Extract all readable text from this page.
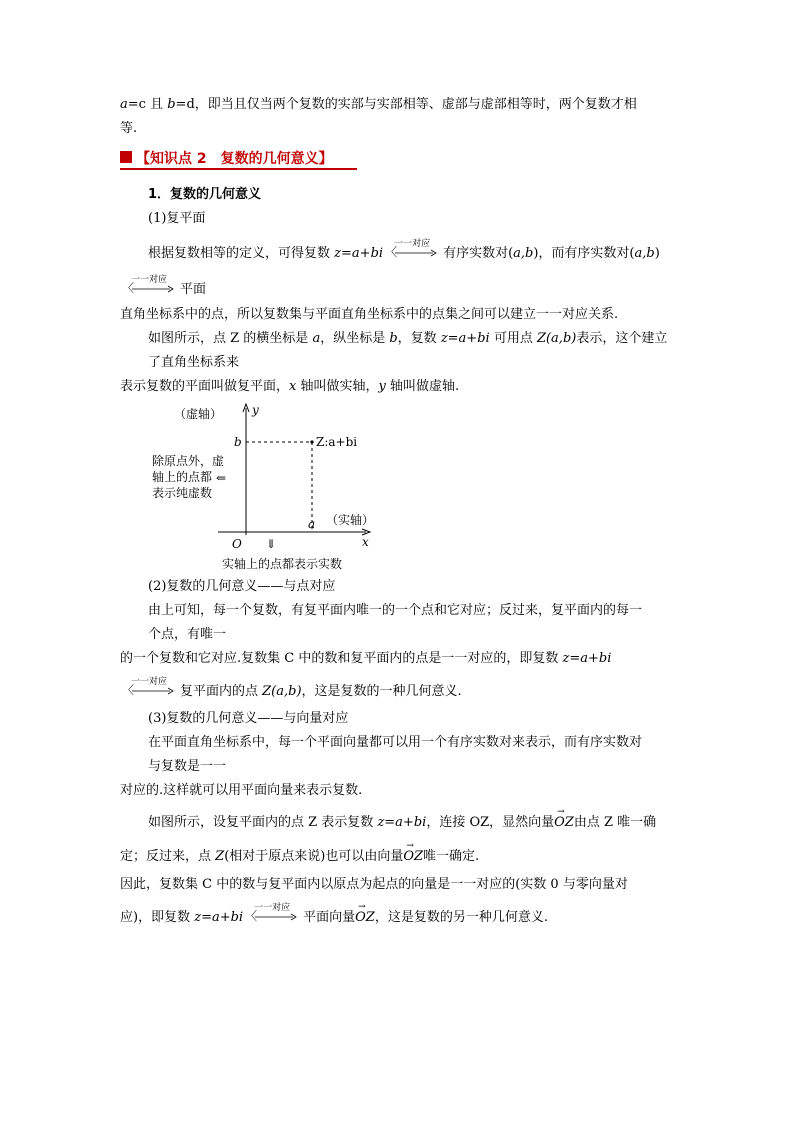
a=c 且 b=d，即当且仅当两个复数的实部与实部相等、虚部与虚部相等时，两个复数才相
等.
【知识点 2　复数的几何意义】
1．复数的几何意义
(1)复平面
根据复数相等的定义，可得复数 z=a+bi
一一对应
〈	有序实数对(a,b)，而有序实数对(a,b)
一一对应
〈	平面
直角坐标系中的点，所以复数集与平面直角坐标系中的点集之间可以建立一一对应关系.
如图所示，点 Z 的横坐标是 a，纵坐标是 b，复数 z=a+bi 可用点 Z(a,b)表示，这个建立
了直角坐标系来
表示复数的平面叫做复平面，x 轴叫做实轴，y 轴叫做虚轴.
（虚轴） y
b	Z:a+bi
除原点外，虚
轴上的点都
表示纯虚数
⇐
（实轴）
a
O	x
⇓
实轴上的点都表示实数
(2)复数的几何意义——与点对应
由上可知，每一个复数，有复平面内唯一的一个点和它对应；反过来，复平面内的每一
个点，有唯一
的一个复数和它对应.复数集 C 中的数和复平面内的点是一一对应的，即复数 z=a+bi
一一对应
〈	复平面内的点 Z(a,b)，这是复数的一种几何意义.
(3)复数的几何意义——与向量对应
在平面直角坐标系中，每一个平面向量都可以用一个有序实数对来表示，而有序实数对
与复数是一一
对应的.这样就可以用平面向量来表示复数.
如图所示，设复平面内的点 Z 表示复数 z=a+bi，连接 OZ，显然向量→ OZ由点 Z 唯一确
定；反过来，点 Z(相对于原点来说)也可以由向量→ OZ唯一确定.
因此，复数集 C 中的数与复平面内以原点为起点的向量是一一对应的(实数 0 与零向量对
应)，即复数 z=a+bi
一一对应
〈	平面向量→ OZ，这是复数的另一种几何意义.
